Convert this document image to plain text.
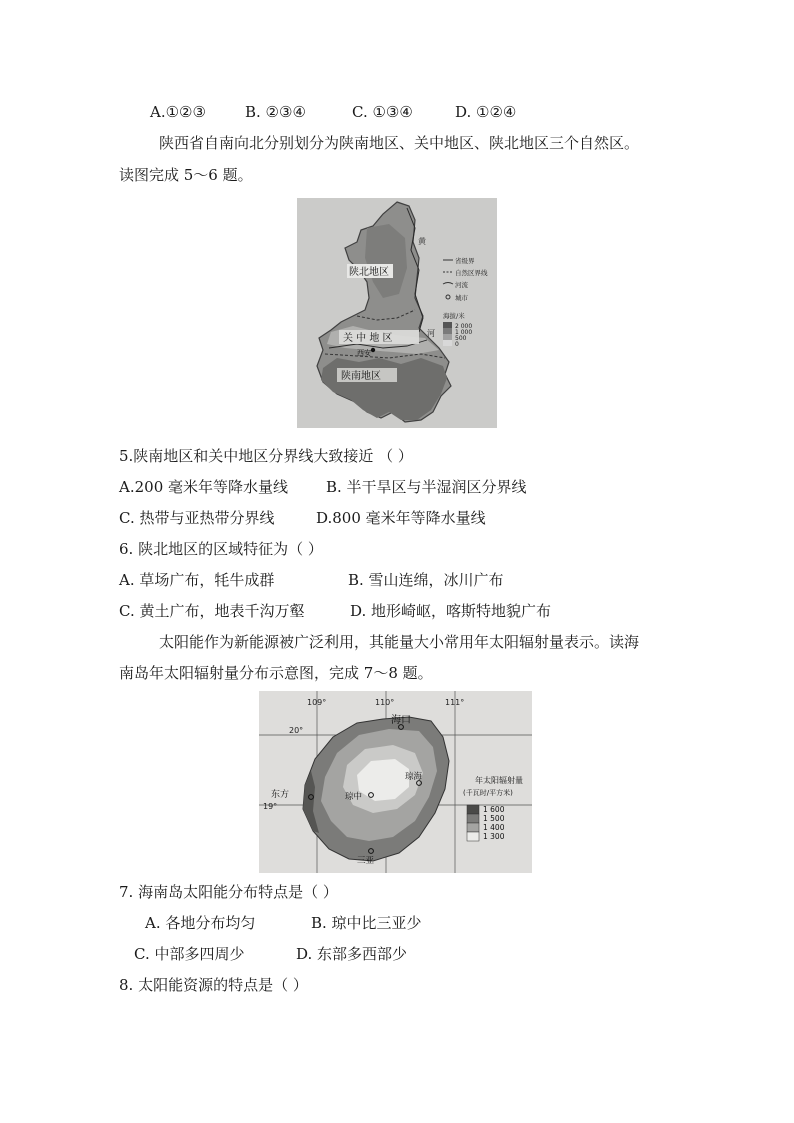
A.①②③	B. ②③④	C. ①③④	D. ①②④
陕西省自南向北分别划分为陕南地区、关中地区、陕北地区三个自然区。
读图完成 5～6 题。
陕北地区
关 中 地 区
西安
陕南地区
黄
河
省级界
自然区界线
河流
城市
海拔/米
2 000
1 000
500
0
5.陕南地区和关中地区分界线大致接近 （ ）
A.200 毫米年等降水量线	B. 半干旱区与半湿润区分界线
C. 热带与亚热带分界线	D.800 毫米年等降水量线
6. 陕北地区的区域特征为（ ）
A. 草场广布，牦牛成群	B. 雪山连绵，冰川广布
C. 黄土广布，地表千沟万壑	D. 地形崎岖，喀斯特地貌广布
太阳能作为新能源被广泛利用，其能量大小常用年太阳辐射量表示。读海
南岛年太阳辐射量分布示意图，完成 7～8 题。
109°	110°	111°
20°
19°
海口
琼海
琼中
东方
三亚
年太阳辐射量
(千瓦时/平方米)
1 600
1 500
1 400
1 300
7. 海南岛太阳能分布特点是（ ）
A. 各地分布均匀	B. 琼中比三亚少
C. 中部多四周少	D. 东部多西部少
8. 太阳能资源的特点是（ ）
